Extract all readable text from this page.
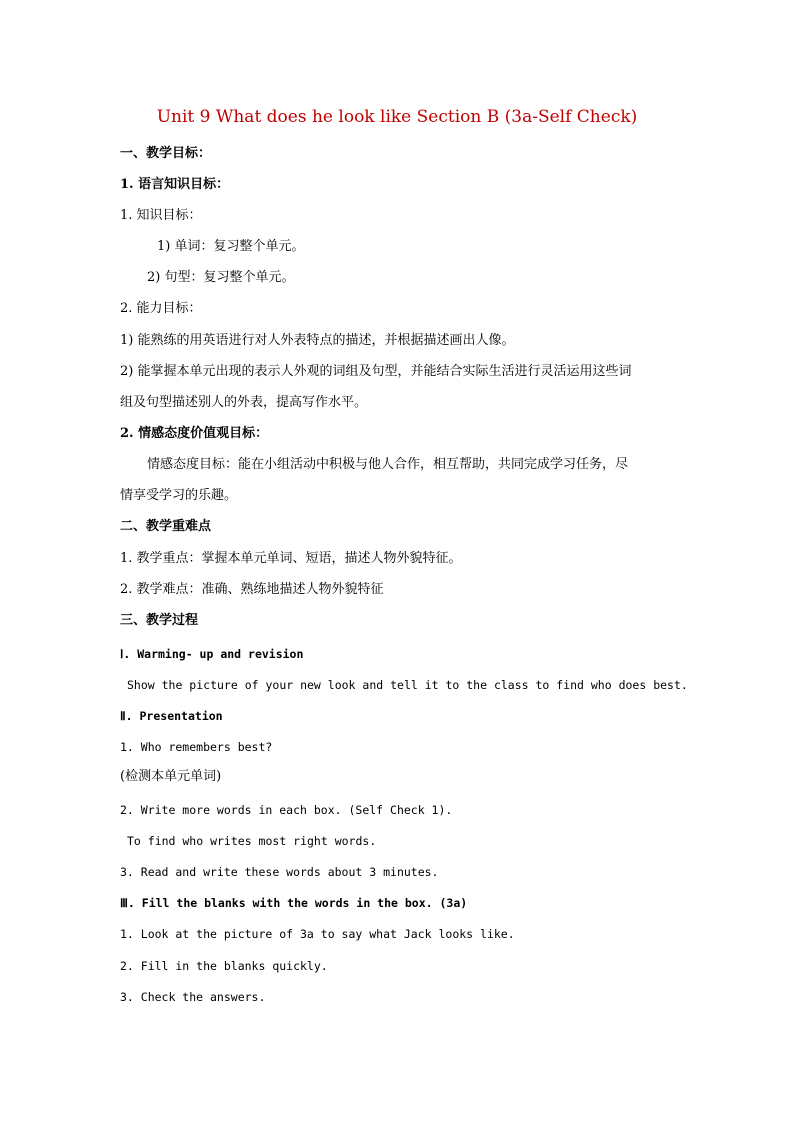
Unit 9 What does he look like Section B (3a-Self Check)
一、教学目标：
1. 语言知识目标：
1. 知识目标：
1) 单词：复习整个单元。
2) 句型：复习整个单元。
2. 能力目标：
1) 能熟练的用英语进行对人外表特点的描述，并根据描述画出人像。
2) 能掌握本单元出现的表示人外观的词组及句型，并能结合实际生活进行灵活运用这些词
组及句型描述别人的外表，提高写作水平。
2. 情感态度价值观目标：
情感态度目标：能在小组活动中积极与他人合作，相互帮助，共同完成学习任务，尽
情享受学习的乐趣。
二、教学重难点
1. 教学重点：掌握本单元单词、短语，描述人物外貌特征。
2. 教学难点：准确、熟练地描述人物外貌特征
三、教学过程
Ⅰ. Warming- up and revision
Show the picture of your new look and tell it to the class to find who does best.
Ⅱ. Presentation
1. Who remembers best?
(检测本单元单词)
2. Write more words in each box. (Self Check 1).
To find who writes most right words.
3. Read and write these words about 3 minutes.
Ⅲ. Fill the blanks with the words in the box. (3a)
1. Look at the picture of 3a to say what Jack looks like.
2. Fill in the blanks quickly.
3. Check the answers.
